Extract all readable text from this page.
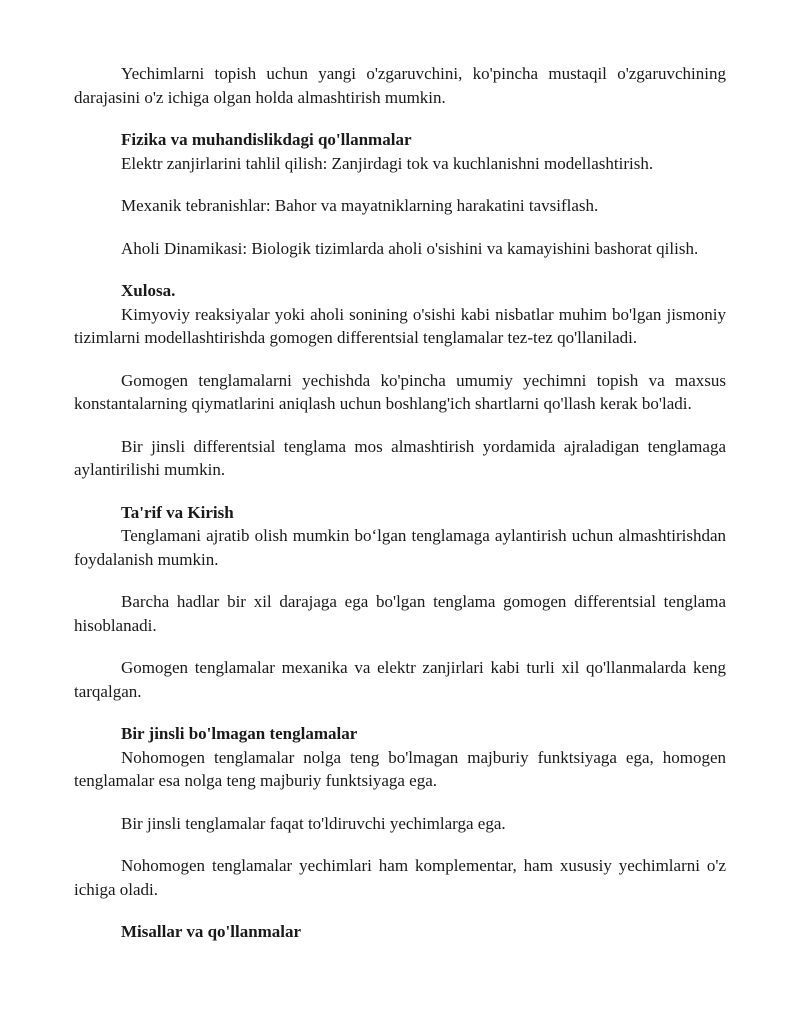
Yechimlarni topish uchun yangi o'zgaruvchini, ko'pincha mustaqil o'zgaruvchining darajasini o'z ichiga olgan holda almashtirish mumkin.

Fizika va muhandislikdagi qo'llanmalar

Elektr zanjirlarini tahlil qilish: Zanjirdagi tok va kuchlanishni modellashtirish.

Mexanik tebranishlar: Bahor va mayatniklarning harakatini tavsiflash.

Aholi Dinamikasi: Biologik tizimlarda aholi o'sishini va kamayishini bashorat qilish.

Xulosa.

Kimyoviy reaksiyalar yoki aholi sonining o'sishi kabi nisbatlar muhim bo'lgan jismoniy tizimlarni modellashtirishda gomogen differentsial tenglamalar tez-tez qo'llaniladi.

Gomogen tenglamalarni yechishda ko'pincha umumiy yechimni topish va maxsus konstantalarning qiymatlarini aniqlash uchun boshlang'ich shartlarni qo'llash kerak bo'ladi.

Bir jinsli differentsial tenglama mos almashtirish yordamida ajraladigan tenglamaga aylantirilishi mumkin.

Ta'rif va Kirish

Tenglamani ajratib olish mumkin bo‘lgan tenglamaga aylantirish uchun almashtirishdan foydalanish mumkin.

Barcha hadlar bir xil darajaga ega bo'lgan tenglama gomogen differentsial tenglama hisoblanadi.

Gomogen tenglamalar mexanika va elektr zanjirlari kabi turli xil qo'llanmalarda keng tarqalgan.

Bir jinsli bo'lmagan tenglamalar

Nohomogen tenglamalar nolga teng bo'lmagan majburiy funktsiyaga ega, homogen tenglamalar esa nolga teng majburiy funktsiyaga ega.

Bir jinsli tenglamalar faqat to'ldiruvchi yechimlarga ega.

Nohomogen tenglamalar yechimlari ham komplementar, ham xususiy yechimlarni o'z ichiga oladi.

Misallar va qo'llanmalar
